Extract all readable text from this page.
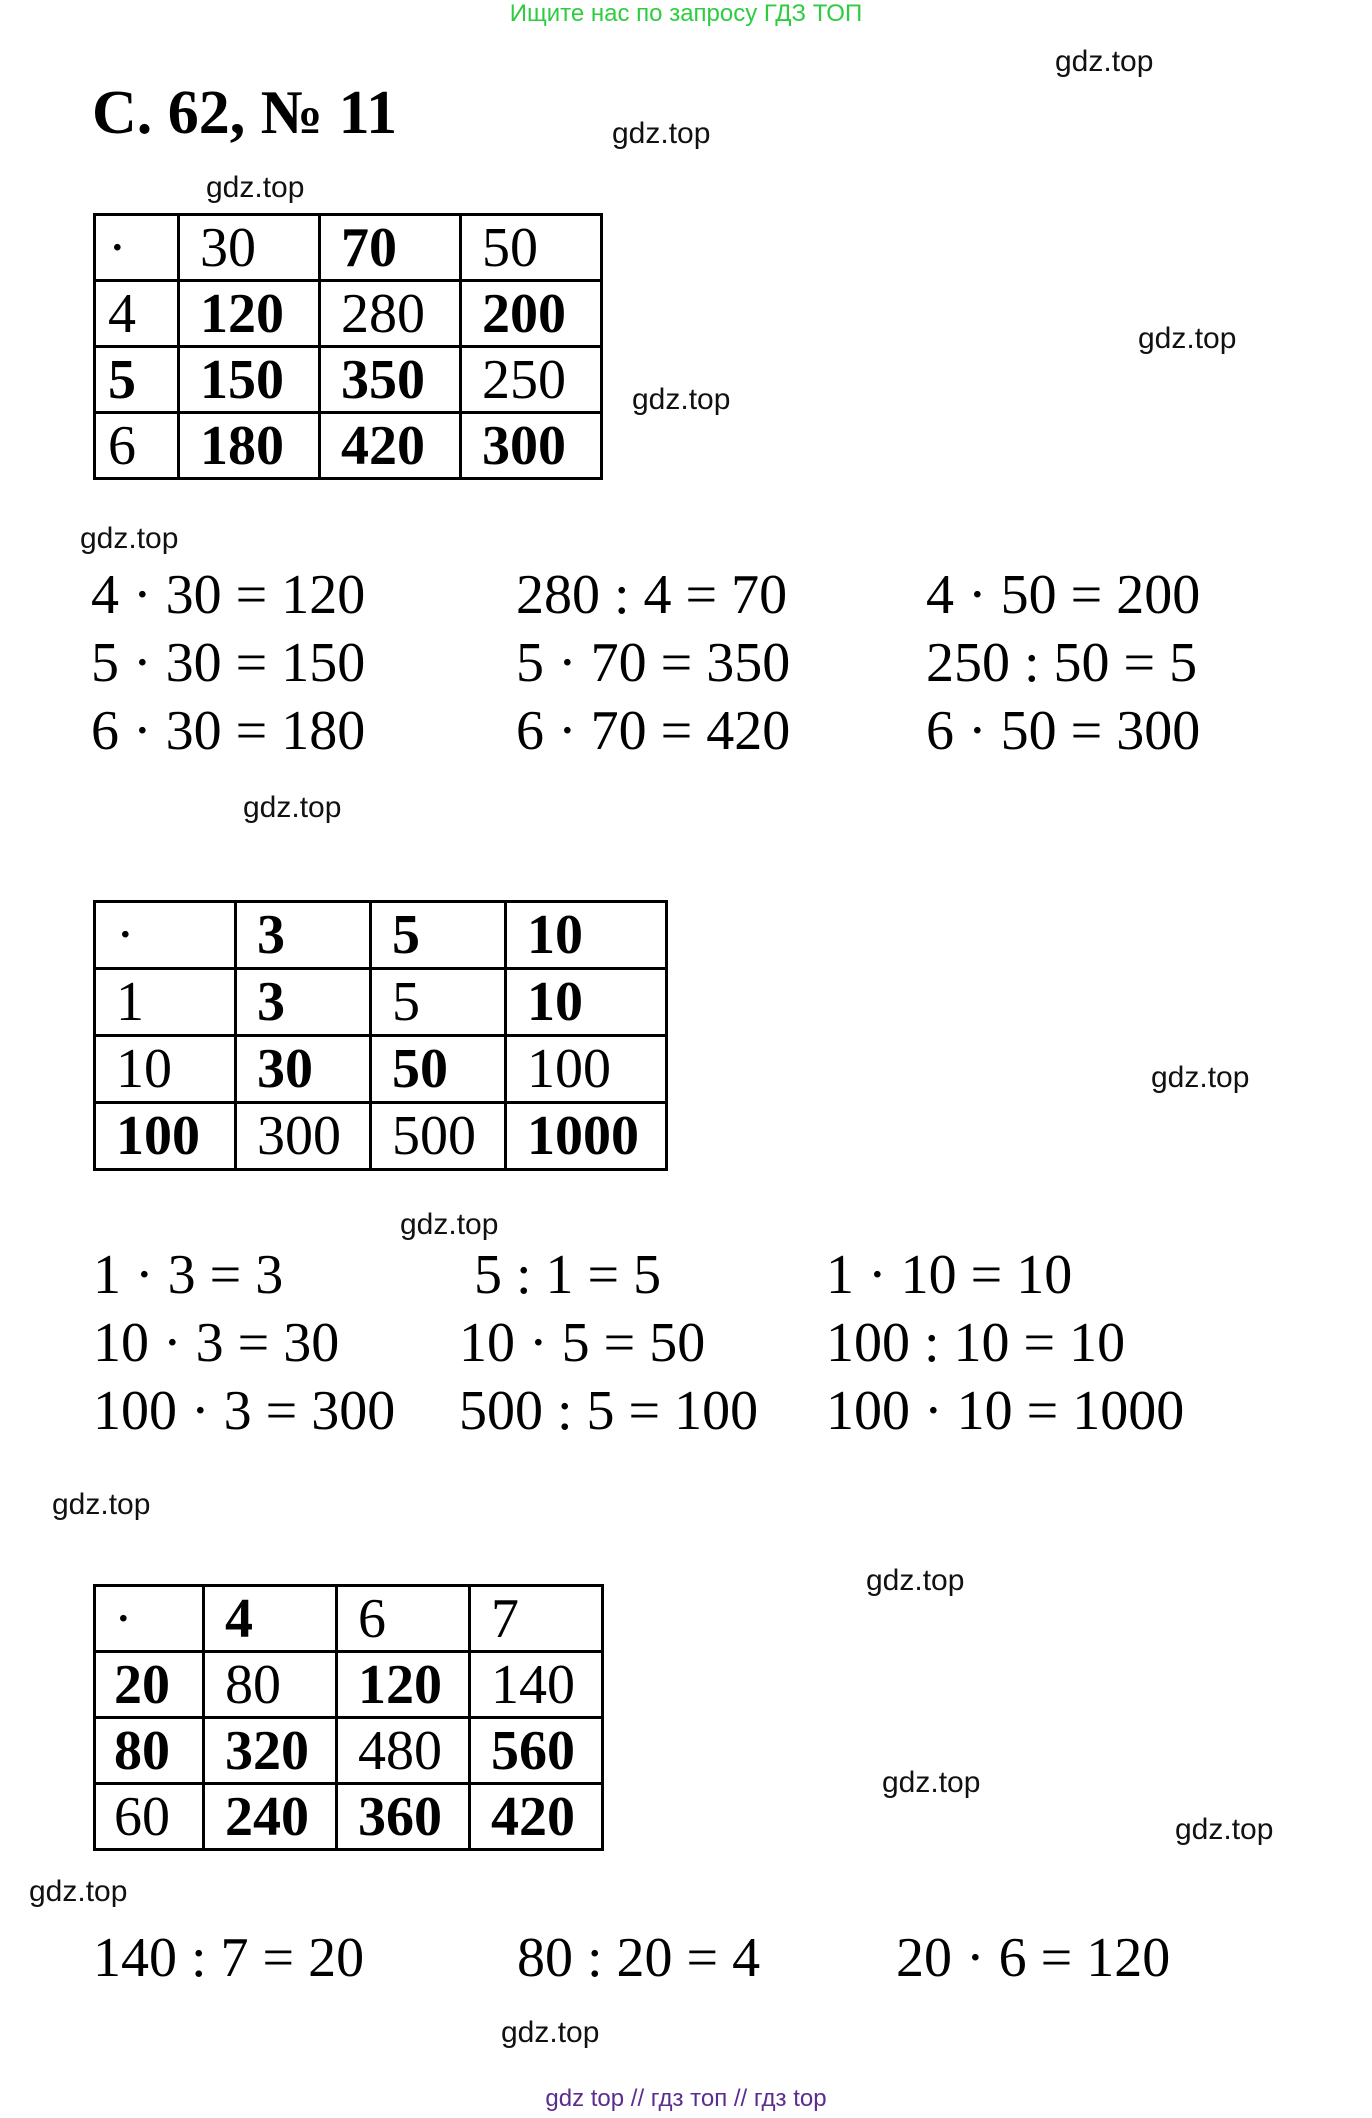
Ищите нас по запросу ГДЗ ТОП
С. 62, № 11
gdz.top
gdz.top
gdz.top
gdz.top
gdz.top
gdz.top
gdz.top
gdz.top
gdz.top
gdz.top
gdz.top
gdz.top
gdz.top
gdz.top
gdz.top
·	30	70	50
4	120	280	200
5	150	350	250
6	180	420	300
4 · 30 = 120
5 · 30 = 150
6 · 30 = 180
280 : 4 = 70
5 · 70 = 350
6 · 70 = 420
4 · 50 = 200
250 : 50 = 5
6 · 50 = 300
·	3	5	10
1	3	5	10
10	30	50	100
100	300	500	1000
1 · 3 = 3
10 · 3 = 30
100 · 3 = 300
5 : 1 = 5
10 · 5 = 50
500 : 5 = 100
1 · 10 = 10
100 : 10 = 10
100 · 10 = 1000
·	4	6	7
20	80	120	140
80	320	480	560
60	240	360	420
140 : 7 = 20	80 : 20 = 4 20 · 6 = 120
gdz top // гдз топ // гдз top
